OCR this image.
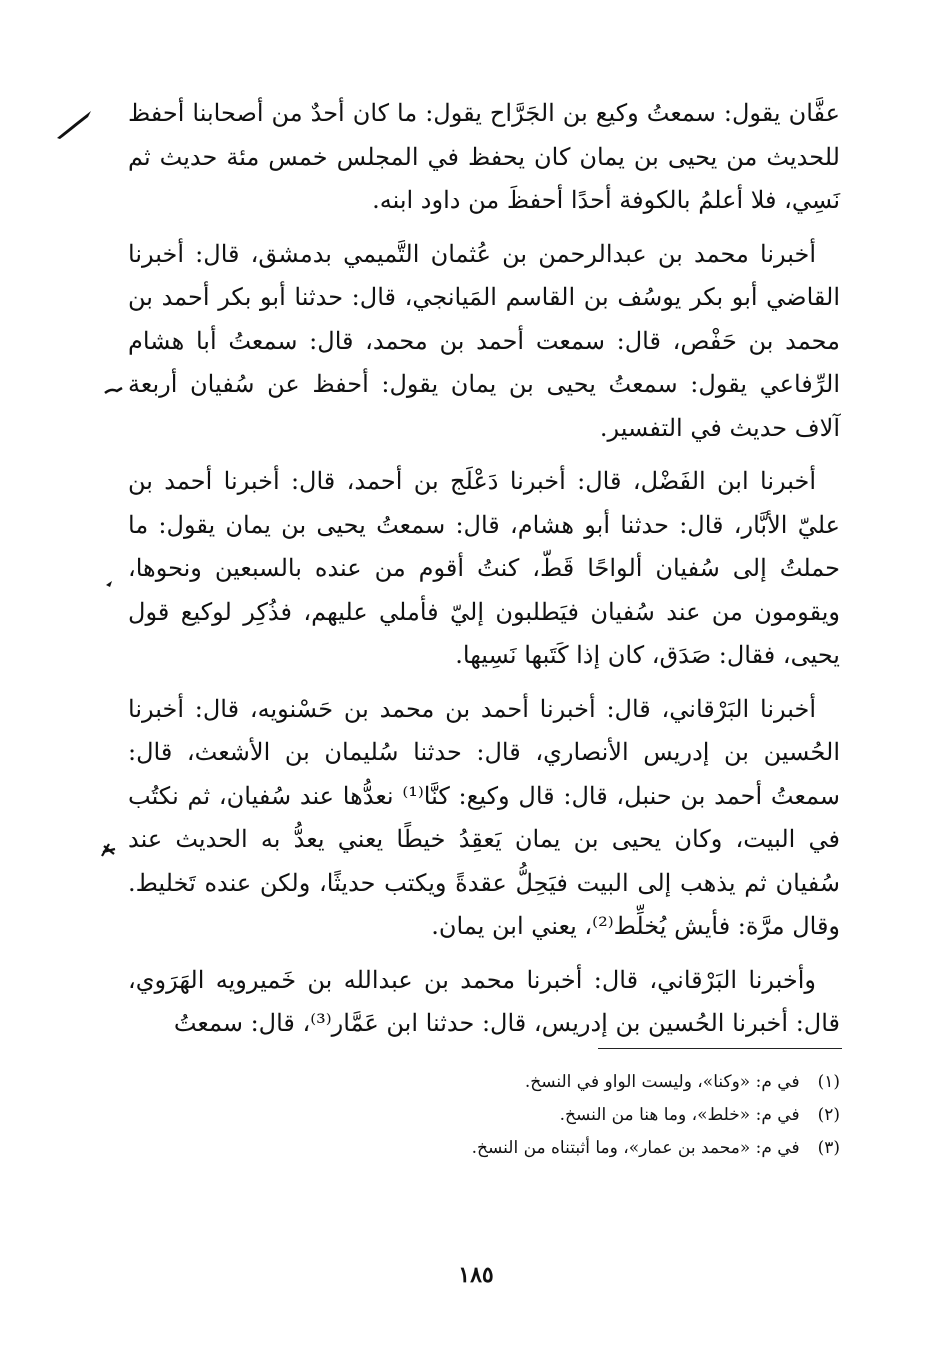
عفَّان يقول: سمعتُ وكيع بن الجَرَّاح يقول: ما كان أحدٌ من أصحابنا أحفظ للحديث من يحيى بن يمان كان يحفظ في المجلس خمس مئة حديث ثم نَسِي، فلا أعلمُ بالكوفة أحدًا أحفظَ من داود ابنه.

أخبرنا محمد بن عبدالرحمن بن عُثمان التَّميمي بدمشق، قال: أخبرنا القاضي أبو بكر يوسُف بن القاسم المَيانجي، قال: حدثنا أبو بكر أحمد بن محمد بن حَفْص، قال: سمعت أحمد بن محمد، قال: سمعتُ أبا هشام الرِّفاعي يقول: سمعتُ يحيى بن يمان يقول: أحفظ عن سُفيان أربعة آلاف حديث في التفسير.

أخبرنا ابن الفَضْل، قال: أخبرنا دَعْلَج بن أحمد، قال: أخبرنا أحمد بن عليّ الأبَّار، قال: حدثنا أبو هشام، قال: سمعتُ يحيى بن يمان يقول: ما حملتُ إلى سُفيان ألواحًا قَطّ، كنتُ أقوم من عنده بالسبعين ونحوها، ويقومون من عند سُفيان فيَطلبون إليّ فأملي عليهم، فذُكِر لوكيع قول يحيى، فقال: صَدَق، كان إذا كَتَبها نَسِيها.

أخبرنا البَرْقاني، قال: أخبرنا أحمد بن محمد بن حَسْنويه، قال: أخبرنا الحُسين بن إدريس الأنصاري، قال: حدثنا سُليمان بن الأشعث، قال: سمعتُ أحمد بن حنبل، قال: قال وكيع: كنَّا⁽¹⁾ نعدُّها عند سُفيان، ثم نكتُب في البيت، وكان يحيى بن يمان يَعقِدُ خيطًا يعني يعدُّ به الحديث عند سُفيان ثم يذهب إلى البيت فيَحِلُّ عقدةً ويكتب حديثًا، ولكن عنده تَخليط. وقال مرَّة: فأيش يُخلِّط⁽²⁾، يعني ابن يمان.

وأخبرنا البَرْقاني، قال: أخبرنا محمد بن عبدالله بن خَميرويه الهَرَوي، قال: أخبرنا الحُسين بن إدريس، قال: حدثنا ابن عَمَّار⁽³⁾، قال: سمعتُ

(١)في م: «وكنا»، وليست الواو في النسخ.
(٢)في م: «خلط»، وما هنا من النسخ.
(٣)في م: «محمد بن عمار»، وما أثبتناه من النسخ.
١٨٥
